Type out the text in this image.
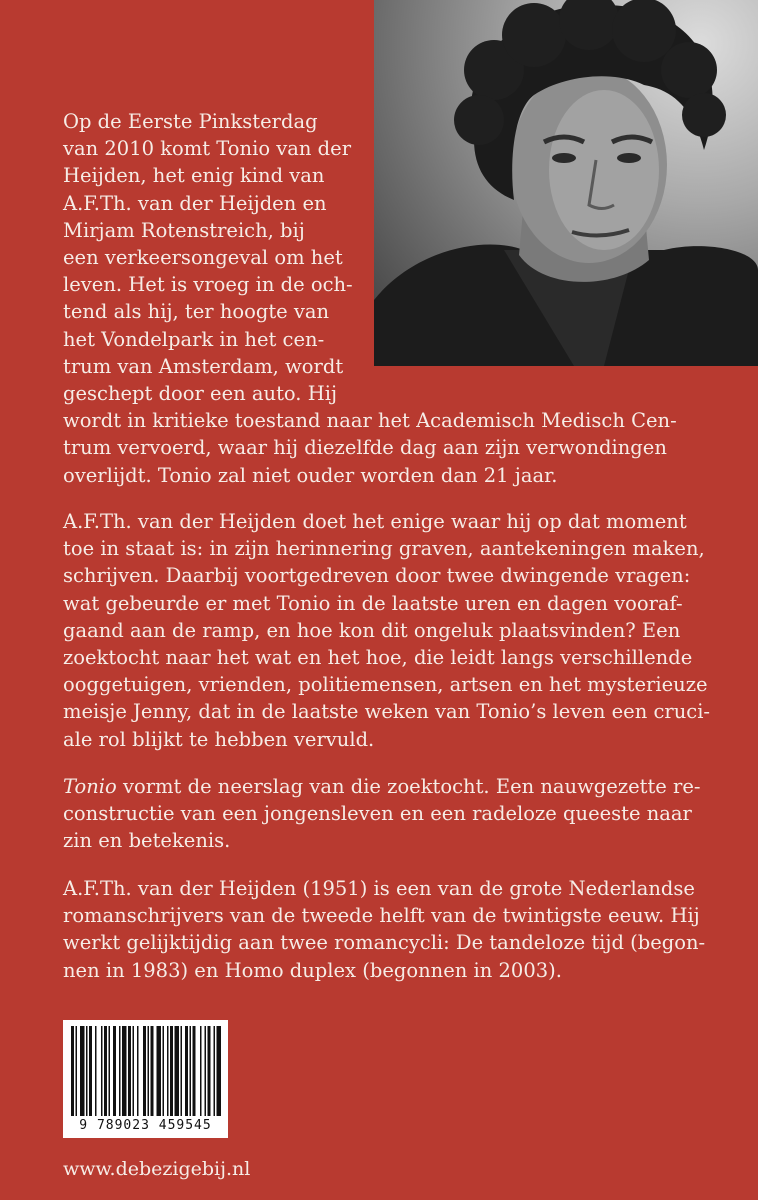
Op de Eerste Pinksterdag
van 2010 komt Tonio van der
Heijden, het enig kind van
A.F.Th. van der Heijden en
Mirjam Rotenstreich, bij
een verkeersongeval om het
leven. Het is vroeg in de och-
tend als hij, ter hoogte van
het Vondelpark in het cen-
trum van Amsterdam, wordt
geschept door een auto. Hij
wordt in kritieke toestand naar het Academisch Medisch Cen-
trum vervoerd, waar hij diezelfde dag aan zijn verwondingen
overlijdt. Tonio zal niet ouder worden dan 21 jaar.

A.F.Th. van der Heijden doet het enige waar hij op dat moment
toe in staat is: in zijn herinnering graven, aantekeningen maken,
schrijven. Daarbij voortgedreven door twee dwingende vragen:
wat gebeurde er met Tonio in de laatste uren en dagen vooraf-
gaand aan de ramp, en hoe kon dit ongeluk plaatsvinden? Een
zoektocht naar het wat en het hoe, die leidt langs verschillende
ooggetuigen, vrienden, politiemensen, artsen en het mysterieuze
meisje Jenny, dat in de laatste weken van Tonio’s leven een cruci-
ale rol blijkt te hebben vervuld.

Tonio vormt de neerslag van die zoektocht. Een nauwgezette re-
constructie van een jongensleven en een radeloze queeste naar
zin en betekenis.

A.F.Th. van der Heijden (1951) is een van de grote Nederlandse
romanschrijvers van de tweede helft van de twintigste eeuw. Hij
werkt gelijktijdig aan twee romancycli: De tandeloze tijd (begon-
nen in 1983) en Homo duplex (begonnen in 2003).

9 789023 459545
www.debezigebij.nl
